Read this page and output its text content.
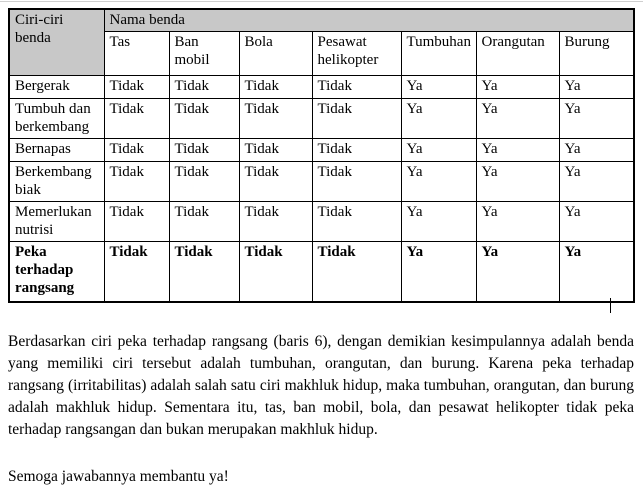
Ciri-ciri benda	Nama benda						
	Tas	Ban mobil	Bola	Pesawat helikopter	Tumbuhan	Orangutan	Burung
Bergerak	Tidak	Tidak	Tidak	Tidak	Ya	Ya	Ya
Tumbuh dan berkembang	Tidak	Tidak	Tidak	Tidak	Ya	Ya	Ya
Bernapas	Tidak	Tidak	Tidak	Tidak	Ya	Ya	Ya
Berkembang biak	Tidak	Tidak	Tidak	Tidak	Ya	Ya	Ya
Memerlukan nutrisi	Tidak	Tidak	Tidak	Tidak	Ya	Ya	Ya
Peka terhadap rangsang	Tidak	Tidak	Tidak	Tidak	Ya	Ya	Ya

Berdasarkan ciri peka terhadap rangsang (baris 6), dengan demikian kesimpulannya adalah benda yang memiliki ciri tersebut adalah tumbuhan, orangutan, dan burung. Karena peka terhadap rangsang (irritabilitas) adalah salah satu ciri makhluk hidup, maka tumbuhan, orangutan, dan burung adalah makhluk hidup. Sementara itu, tas, ban mobil, bola, dan pesawat helikopter tidak peka terhadap rangsangan dan bukan merupakan makhluk hidup.

Semoga jawabannya membantu ya!
